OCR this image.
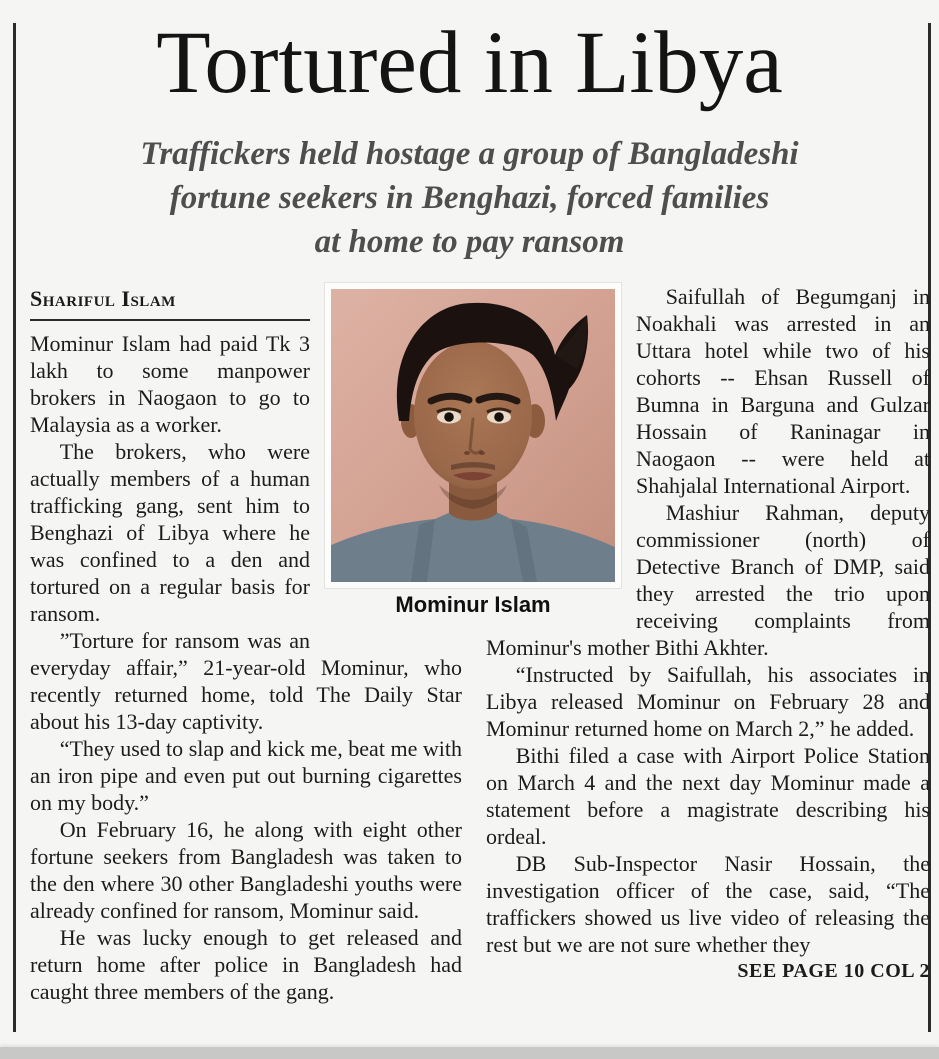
Tortured in Libya
Traffickers held hostage a group of Bangladeshi
fortune seekers in Benghazi, forced families
at home to pay ransom
Shariful Islam

Mominur Islam had paid Tk 3 lakh to some manpower brokers in Naogaon to go to Malaysia as a worker.

The brokers, who were actually members of a human trafficking gang, sent him to Benghazi of Libya where he was confined to a den and tortured on a regular basis for ransom.

”Torture for ransom was an everyday affair,” 21-year-old Mominur, who recently returned home, told The Daily Star about his 13-day captivity.

“They used to slap and kick me, beat me with an iron pipe and even put out burning cigarettes on my body.”

On February 16, he along with eight other fortune seekers from Bangladesh was taken to the den where 30 other Bangladeshi youths were already confined for ransom, Mominur said.

He was lucky enough to get released and return home after police in Bangladesh had caught three members of the gang.

Saifullah of Begumganj in Noakhali was arrested in an Uttara hotel while two of his cohorts -- Ehsan Russell of Bumna in Barguna and Gulzar Hossain of Raninagar in Naogaon -- were held at Shahjalal International Airport.

Mashiur Rahman, deputy commissioner (north) of Detective Branch of DMP, said they arrested the trio upon receiving complaints from Mominur's mother Bithi Akhter.

“Instructed by Saifullah, his associates in Libya released Mominur on February 28 and Mominur returned home on March 2,” he added.

Bithi filed a case with Airport Police Station on March 4 and the next day Mominur made a statement before a magistrate describing his ordeal.

DB Sub-Inspector Nasir Hossain, the investigation officer of the case, said, “The traffickers showed us live video of releasing the rest but we are not sure whether they

SEE PAGE 10 COL 2

Mominur Islam
